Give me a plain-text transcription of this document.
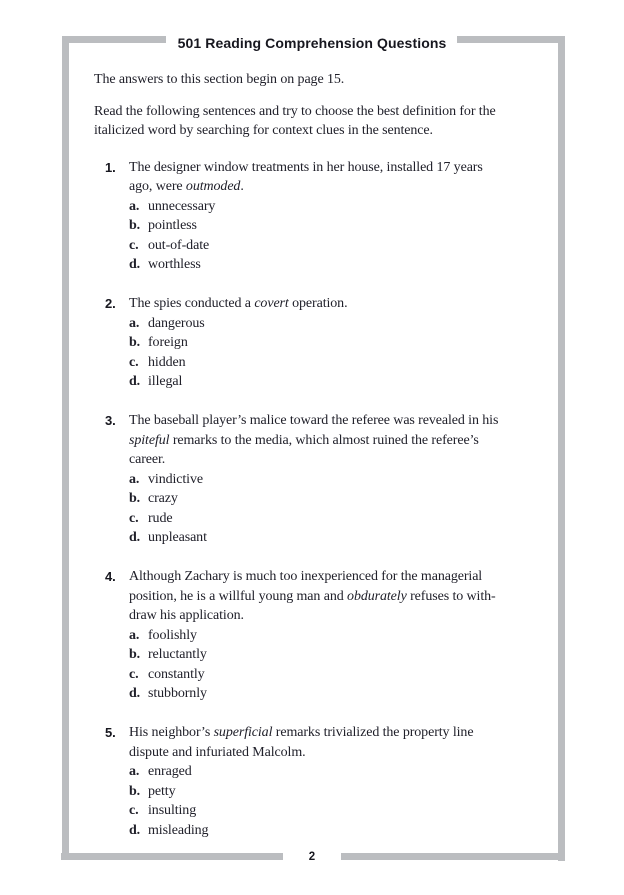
501 Reading Comprehension Questions
The answers to this section begin on page 15.
Read the following sentences and try to choose the best definition for the
italicized word by searching for context clues in the sentence.
1. The designer window treatments in her house, installed 17 years
ago, were outmoded.
a. unnecessary
b. pointless
c. out-of-date
d. worthless
2. The spies conducted a covert operation.
a. dangerous
b. foreign
c. hidden
d. illegal
3. The baseball player’s malice toward the referee was revealed in his
spiteful remarks to the media, which almost ruined the referee’s
career.
a. vindictive
b. crazy
c. rude
d. unpleasant
4. Although Zachary is much too inexperienced for the managerial
position, he is a willful young man and obdurately refuses to with-
draw his application.
a. foolishly
b. reluctantly
c. constantly
d. stubbornly
5. His neighbor’s superficial remarks trivialized the property line
dispute and infuriated Malcolm.
a. enraged
b. petty
c. insulting
d. misleading
2
